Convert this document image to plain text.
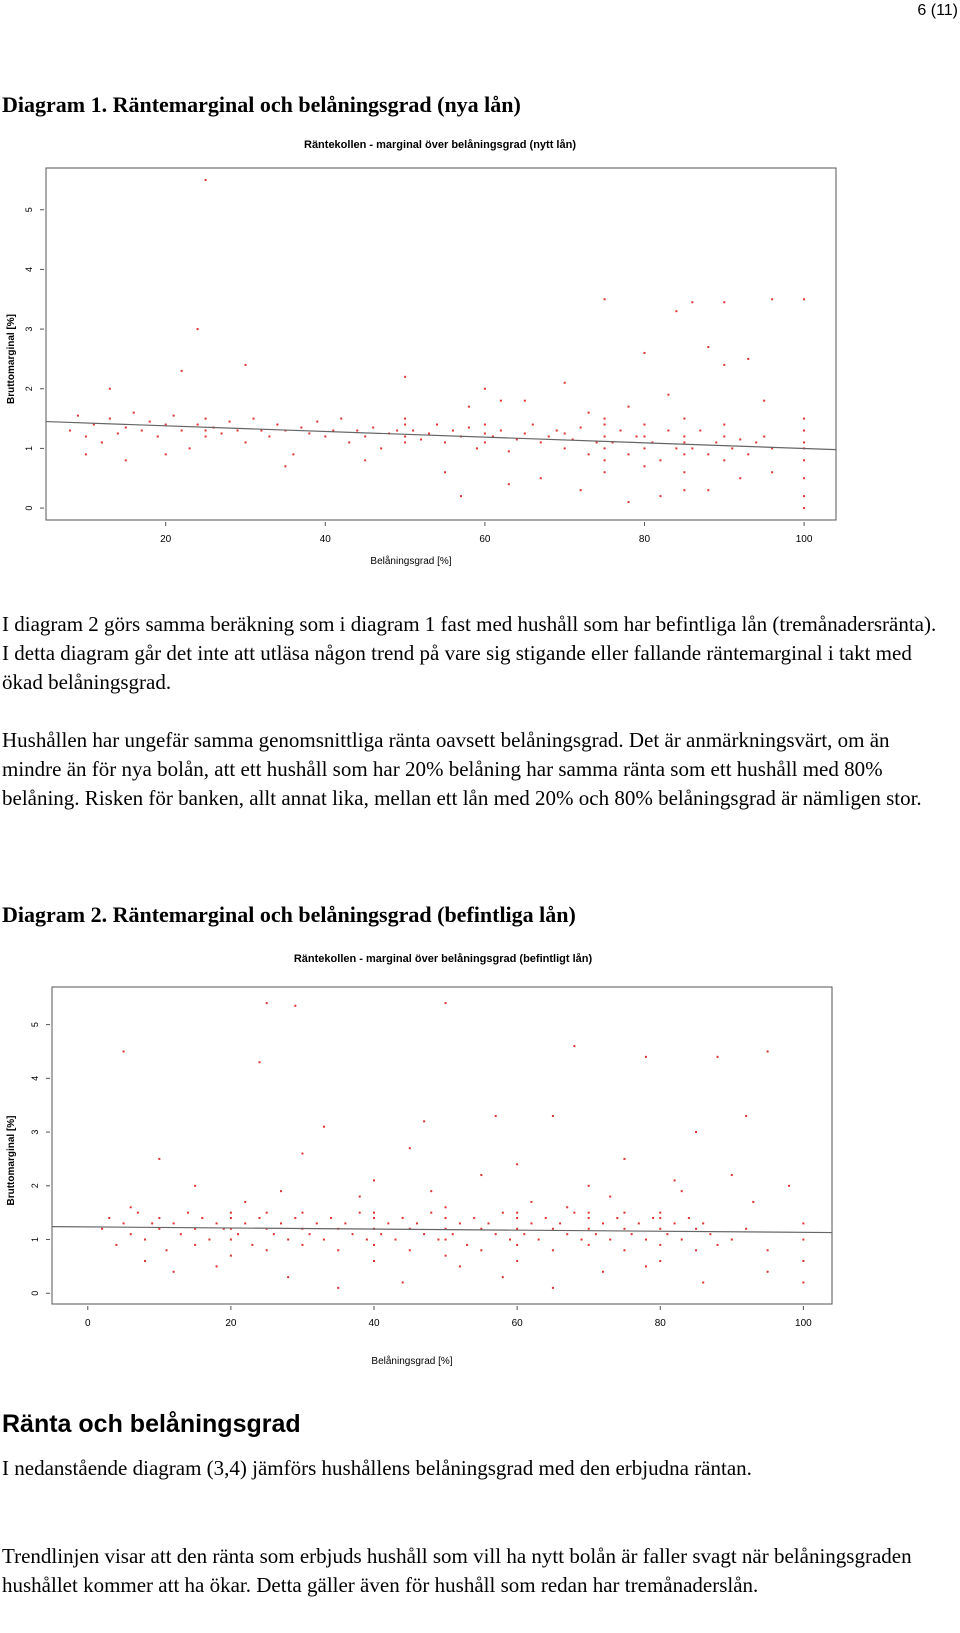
6 (11)
Diagram 1. Räntemarginal och belåningsgrad (nya lån)
Räntekollen - marginal över belåningsgrad (nytt lån)
20	40	60	80	100
0
1
2
3
4
5
Belåningsgrad [%]
Bruttomarginal [%]

I diagram 2 görs samma beräkning som i diagram 1 fast med hushåll som har befintliga lån (tremånadersränta). I detta diagram går det inte att utläsa någon trend på vare sig stigande eller fallande räntemarginal i takt med ökad belåningsgrad.

Hushållen har ungefär samma genomsnittliga ränta oavsett belåningsgrad. Det är anmärkningsvärt, om än mindre än för nya bolån, att ett hushåll som har 20% belåning har samma ränta som ett hushåll med 80% belåning. Risken för banken, allt annat lika, mellan ett lån med 20% och 80% belåningsgrad är nämligen stor.

Diagram 2. Räntemarginal och belåningsgrad (befintliga lån)
Räntekollen - marginal över belåningsgrad (befintligt lån)
0	20	40	60	80	100
0
1
2
3
4
5
Belåningsgrad [%]
Bruttomarginal [%]
Ränta och belåningsgrad

I nedanstående diagram (3,4) jämförs hushållens belåningsgrad med den erbjudna räntan.

Trendlinjen visar att den ränta som erbjuds hushåll som vill ha nytt bolån är faller svagt när belåningsgraden hushållet kommer att ha ökar. Detta gäller även för hushåll som redan har tremånaderslån.
